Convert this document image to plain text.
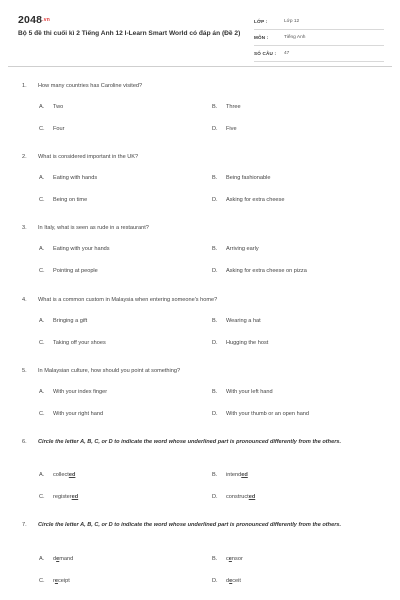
2048.vn
Bộ 5 đề thi cuối kì 2 Tiếng Anh 12 I-Learn Smart World có đáp án (Đề 2)
LỚP :	Lớp 12
MÔN :	Tiếng Anh
SỐ CÂU : 47
1. How many countries has Caroline visited?
A. Two	B. Three
C. Four	D. Five
2. What is considered important in the UK?
A. Eating with hands	B. Being fashionable
C. Being on time	D. Asking for extra cheese
3. In Italy, what is seen as rude in a restaurant?
A. Eating with your hands	B. Arriving early
C. Pointing at people	D. Asking for extra cheese on pizza
4. What is a common custom in Malaysia when entering someone's home?
A. Bringing a gift	B. Wearing a hat
C. Taking off your shoes	D. Hugging the host
5. In Malaysian culture, how should you point at something?
A. With your index finger	B. With your left hand
C. With your right hand	D. With your thumb or an open hand
6. Circle the letter A, B, C, or D to indicate the word whose underlined part is pronounced differently from the others.
A. collected	B. intended
C. registered	D. constructed
7. Circle the letter A, B, C, or D to indicate the word whose underlined part is pronounced differently from the others.
A. demand	B. censor
C. receipt	D. deceit
